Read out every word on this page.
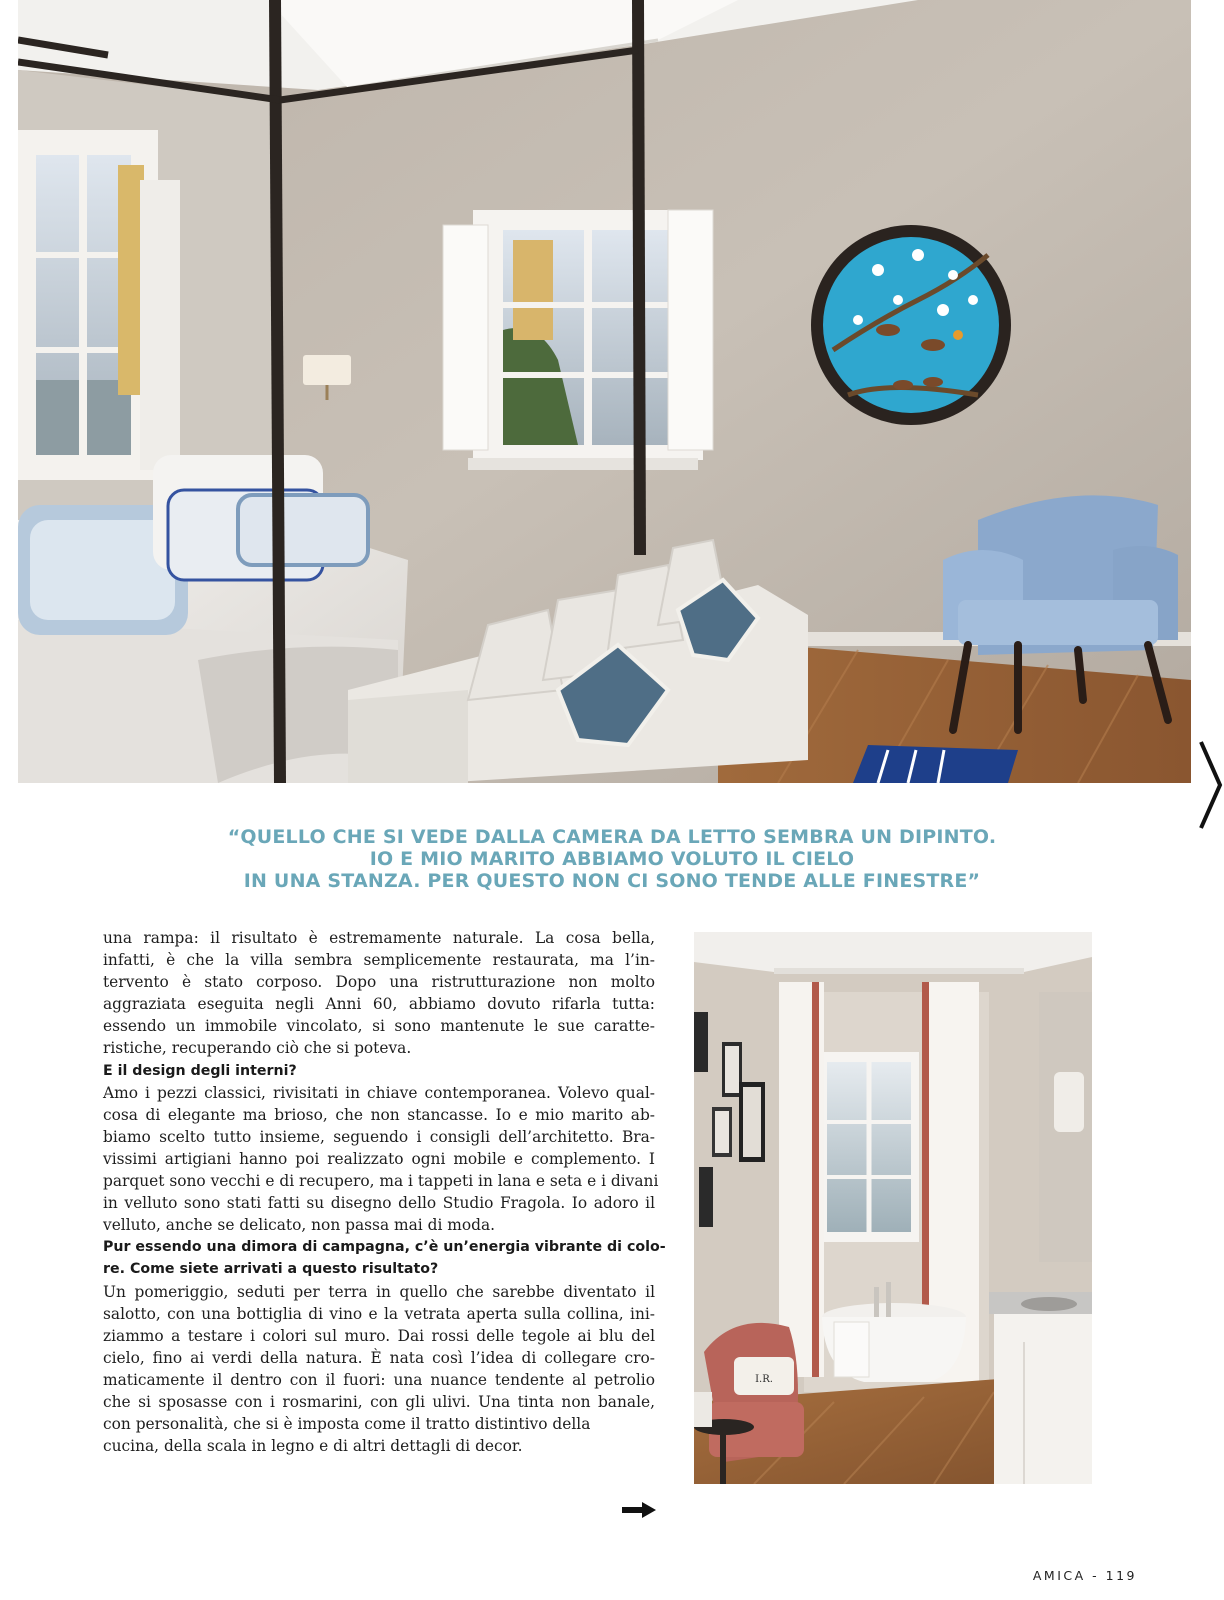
“QUELLO CHE SI VEDE DALLA CAMERA DA LETTO SEMBRA UN DIPINTO.
IO E MIO MARITO ABBIAMO VOLUTO IL CIELO
IN UNA STANZA. PER QUESTO NON CI SONO TENDE ALLE FINESTRE”
una rampa: il risultato è estremamente naturale. La cosa bella,
infatti, è che la villa sembra semplicemente restaurata, ma l’in-
tervento è stato corposo. Dopo una ristrutturazione non molto
aggraziata eseguita negli Anni 60, abbiamo dovuto rifarla tutta:
essendo un immobile vincolato, si sono mantenute le sue caratte-
ristiche, recuperando ciò che si poteva.
E il design degli interni?
Amo i pezzi classici, rivisitati in chiave contemporanea. Volevo qual-
cosa di elegante ma brioso, che non stancasse. Io e mio marito ab-
biamo scelto tutto insieme, seguendo i consigli dell’architetto. Bra-
vissimi artigiani hanno poi realizzato ogni mobile e complemento. I
parquet sono vecchi e di recupero, ma i tappeti in lana e seta e i divani
in velluto sono stati fatti su disegno dello Studio Fragola. Io adoro il
velluto, anche se delicato, non passa mai di moda.
Pur essendo una dimora di campagna, c’è un’energia vibrante di colo-
re. Come siete arrivati a questo risultato?
Un pomeriggio, seduti per terra in quello che sarebbe diventato il
salotto, con una bottiglia di vino e la vetrata aperta sulla collina, ini-
ziammo a testare i colori sul muro. Dai rossi delle tegole ai blu del
cielo, fino ai verdi della natura. È nata così l’idea di collegare cro-
maticamente il dentro con il fuori: una nuance tendente al petrolio
che si sposasse con i rosmarini, con gli ulivi. Una tinta non banale,
con personalità, che si è imposta come il tratto distintivo della
cucina, della scala in legno e di altri dettagli di decor.
I.R.
AMICA - 119
